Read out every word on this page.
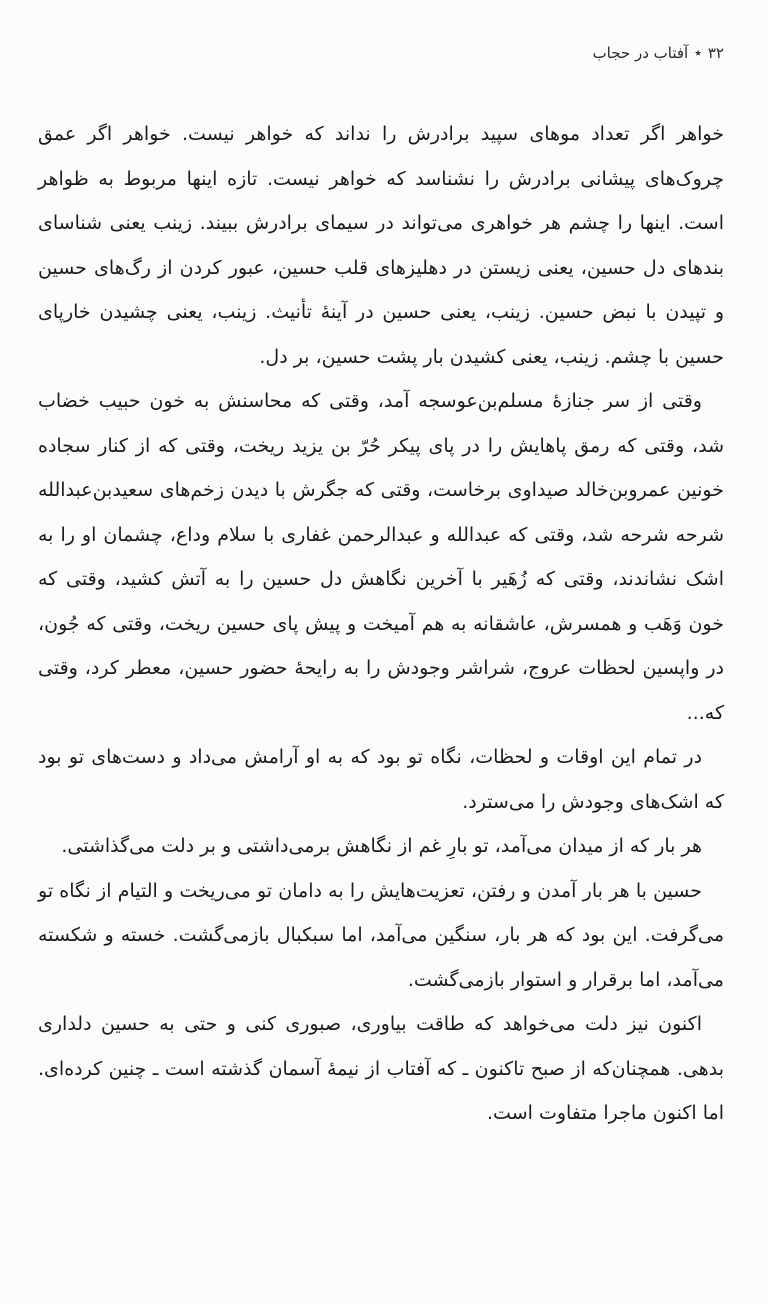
۳۲
٭
آفتاب در حجاب

خواهر اگر تعداد موهای سپید برادرش را نداند که خواهر نیست. خواهر اگر عمق چروک‌های پیشانی برادرش را نشناسد که خواهر نیست. تازه اینها مربوط به ظواهر است. اینها را چشم هر خواهری می‌تواند در سیمای برادرش ببیند. زینب یعنی شناسای بندهای دل حسین، یعنی زیستن در دهلیزهای قلب حسین، عبور کردن از رگ‌های حسین و تپیدن با نبض حسین. زینب، یعنی حسین در آینهٔ تأنیث. زینب، یعنی چشیدن خارپای حسین با چشم. زینب، یعنی کشیدن بار پشت حسین، بر دل.

وقتی از سر جنازهٔ مسلم‌بن‌عوسجه آمد، وقتی که محاسنش به خون حبیب خضاب شد، وقتی که رمق پاهایش را در پای پیکر حُرّ بن یزید ریخت، وقتی که از کنار سجاده خونین عمروبن‌خالد صیداوی برخاست، وقتی که جگرش با دیدن زخم‌های سعیدبن‌عبدالله شرحه شرحه شد، وقتی که عبدالله و عبدالرحمن غفاری با سلام وداع، چشمان او را به اشک نشاندند، وقتی که زُهَیر با آخرین نگاهش دل حسین را به آتش کشید، وقتی که خون وَهَب و همسرش، عاشقانه به هم آمیخت و پیش پای حسین ریخت، وقتی که جُون، در واپسین لحظات عروج، شراشر وجودش را به رایحهٔ حضور حسین، معطر کرد، وقتی که...

در تمام این اوقات و لحظات، نگاه تو بود که به او آرامش می‌داد و دست‌های تو بود که اشک‌های وجودش را می‌سترد.

هر بار که از میدان می‌آمد، تو بارِ غم از نگاهش برمی‌داشتی و بر دلت می‌گذاشتی.

حسین با هر بار آمدن و رفتن، تعزیت‌هایش را به دامان تو می‌ریخت و التیام از نگاه تو می‌گرفت. این بود که هر بار، سنگین می‌آمد، اما سبکبال بازمی‌گشت. خسته و شکسته می‌آمد، اما برقرار و استوار بازمی‌گشت.

اکنون نیز دلت می‌خواهد که طاقت بیاوری، صبوری کنی و حتی به حسین دلداری بدهی. همچنان‌که از صبح تاکنون ـ که آفتاب از نیمهٔ آسمان گذشته است ـ چنین کرده‌ای. اما اکنون ماجرا متفاوت است.
